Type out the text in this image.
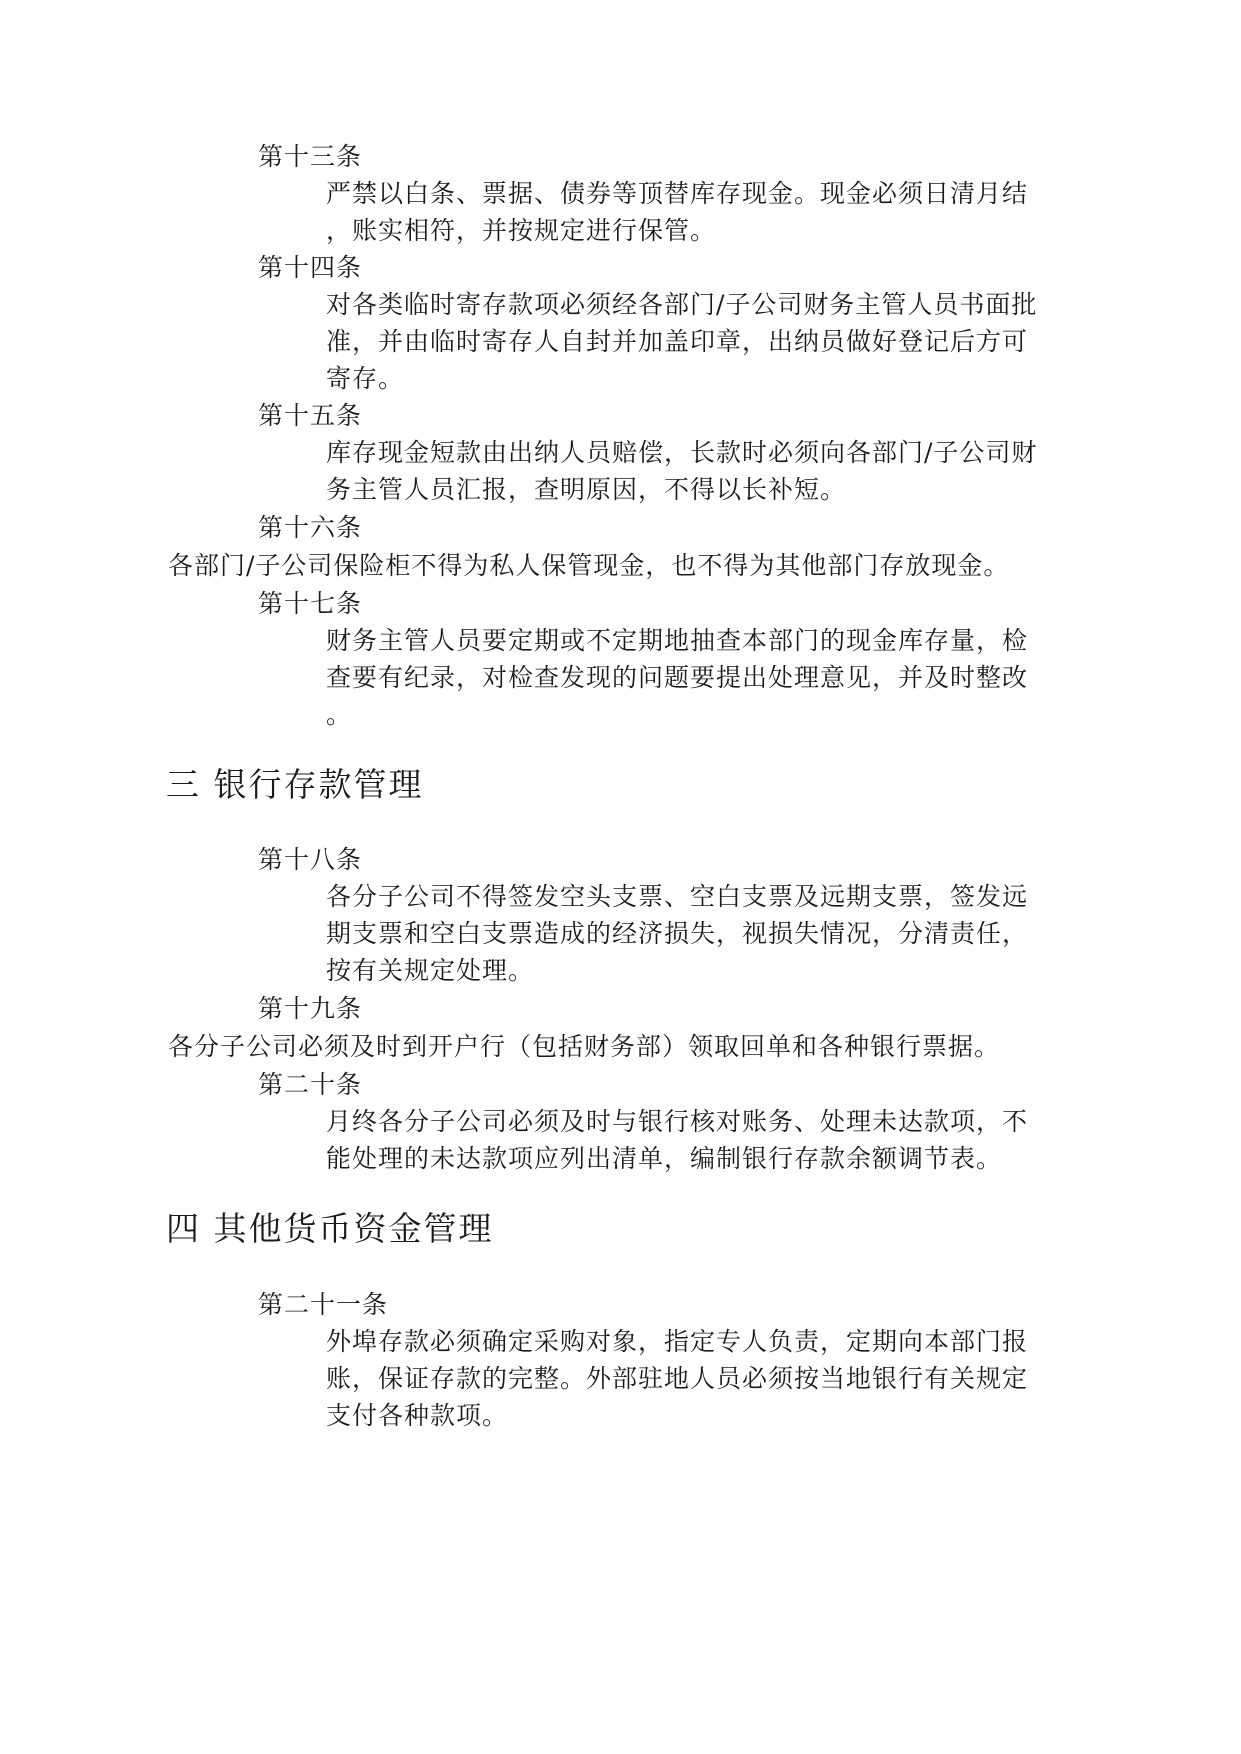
第十三条
严禁以白条、票据、债券等顶替库存现金。现金必须日清月结
，账实相符，并按规定进行保管。
第十四条
对各类临时寄存款项必须经各部门/子公司财务主管人员书面批
准，并由临时寄存人自封并加盖印章，出纳员做好登记后方可
寄存。
第十五条
库存现金短款由出纳人员赔偿，长款时必须向各部门/子公司财
务主管人员汇报，查明原因，不得以长补短。
第十六条
各部门/子公司保险柜不得为私人保管现金，也不得为其他部门存放现金。
第十七条
财务主管人员要定期或不定期地抽查本部门的现金库存量，检
查要有纪录，对检查发现的问题要提出处理意见，并及时整改
。
三 银行存款管理
第十八条
各分子公司不得签发空头支票、空白支票及远期支票，签发远
期支票和空白支票造成的经济损失，视损失情况，分清责任，
按有关规定处理。
第十九条
各分子公司必须及时到开户行（包括财务部）领取回单和各种银行票据。
第二十条
月终各分子公司必须及时与银行核对账务、处理未达款项，不
能处理的未达款项应列出清单，编制银行存款余额调节表。
四 其他货币资金管理
第二十一条
外埠存款必须确定采购对象，指定专人负责，定期向本部门报
账，保证存款的完整。外部驻地人员必须按当地银行有关规定
支付各种款项。
